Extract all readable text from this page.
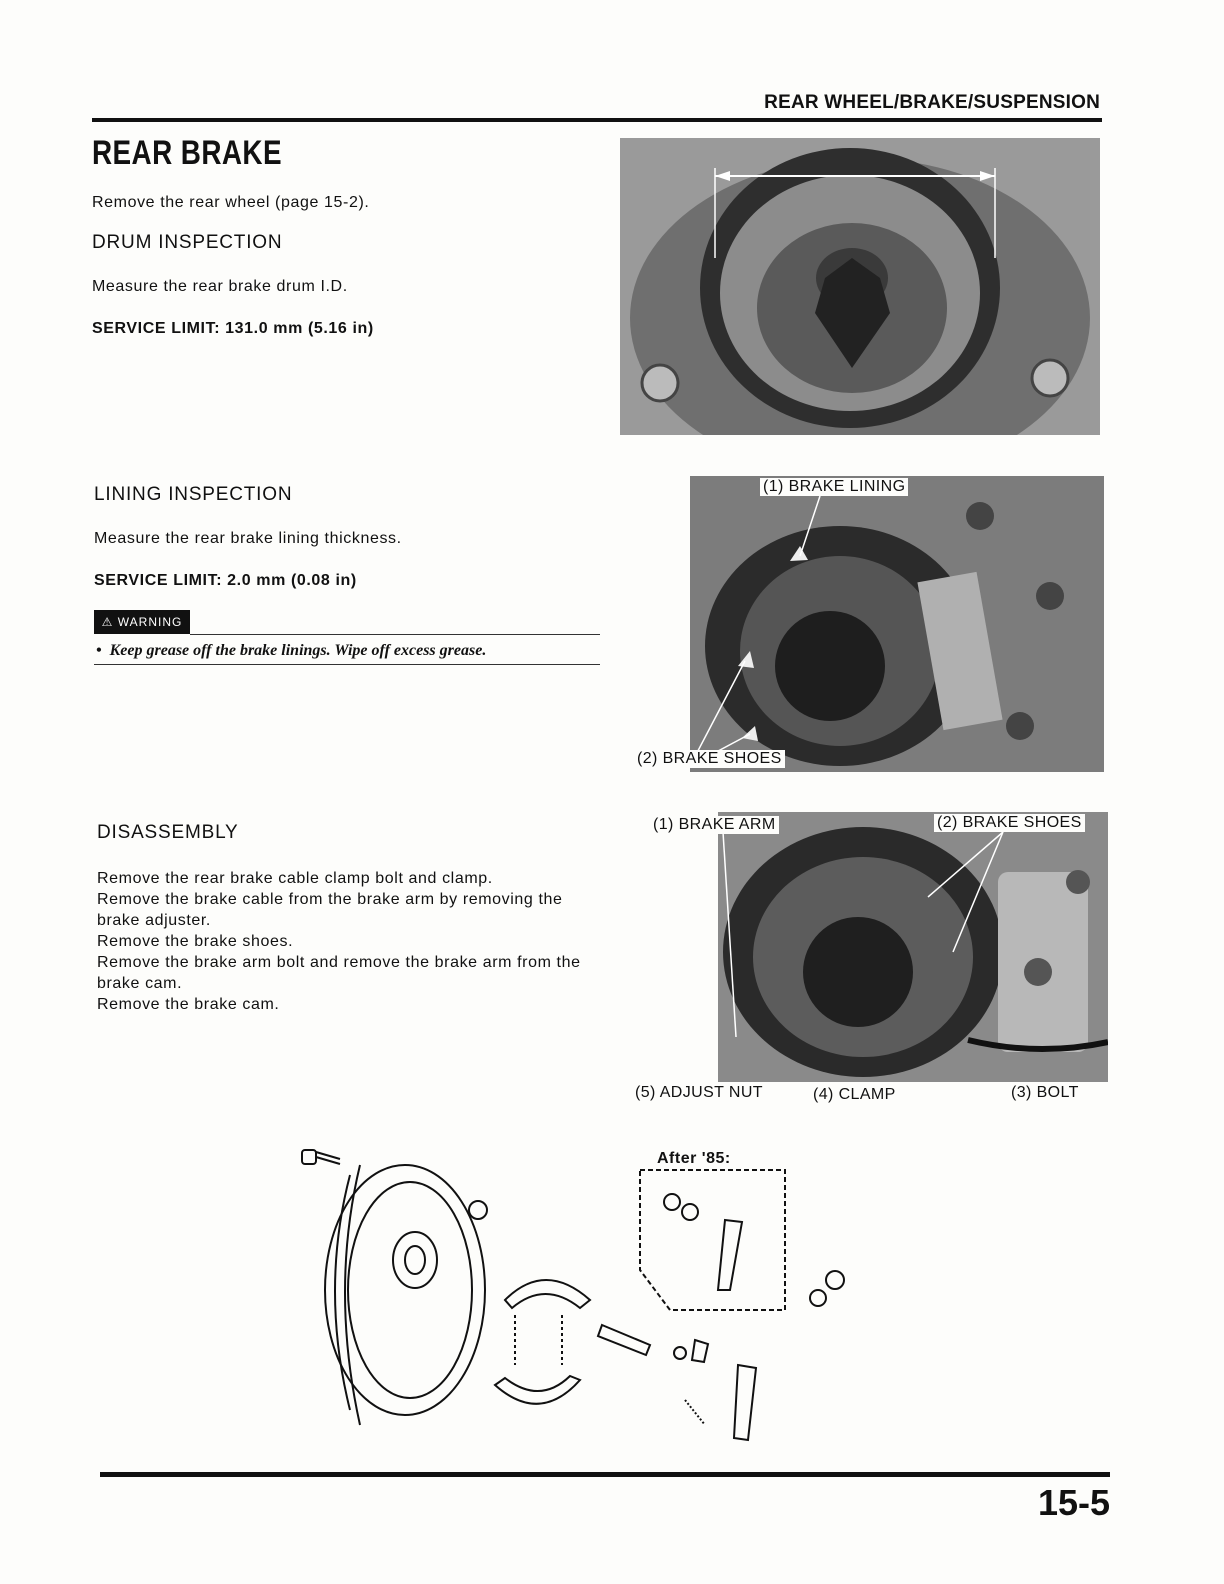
REAR WHEEL/BRAKE/SUSPENSION
REAR BRAKE
Remove the rear wheel (page 15-2).
DRUM INSPECTION
Measure the rear brake drum I.D.
SERVICE LIMIT: 131.0 mm (5.16 in)
LINING INSPECTION
Measure the rear brake lining thickness.
SERVICE LIMIT: 2.0 mm (0.08 in)
⚠ WARNING
•  Keep grease off the brake linings. Wipe off excess grease.
(1) BRAKE LINING
(2) BRAKE SHOES
DISASSEMBLY
Remove the rear brake cable clamp bolt and clamp.
Remove the brake cable from the brake arm by removing the
brake adjuster.
Remove the brake shoes.
Remove the brake arm bolt and remove the brake arm from the
brake cam.
Remove the brake cam.
(1) BRAKE ARM	(2) BRAKE SHOES
(5) ADJUST NUT	(4) CLAMP	(3) BOLT
After '85:
15-5
